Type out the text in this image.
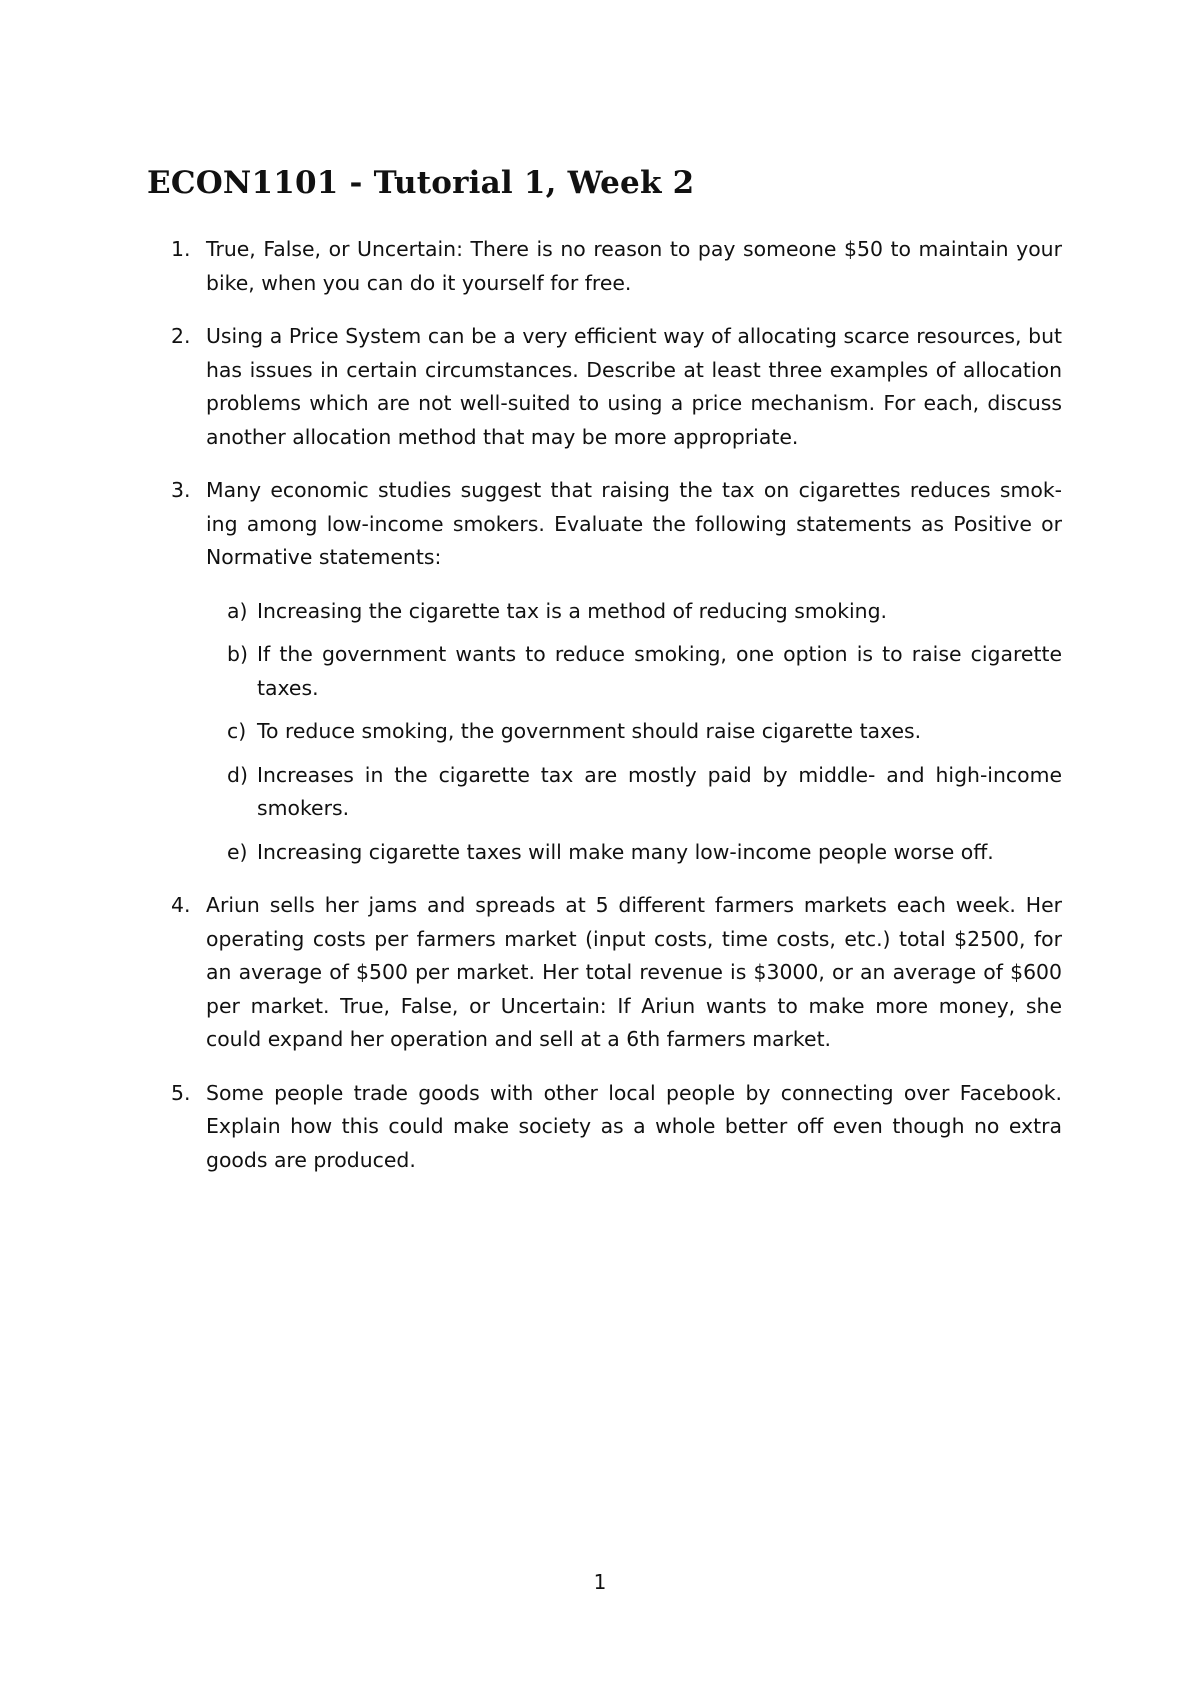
ECON1101 - Tutorial 1, Week 2
1. True, False, or Uncertain: There is no reason to pay someone $50 to maintain your bike, when you can do it yourself for free.
2. Using a Price System can be a very efficient way of allocating scarce resources, but has issues in certain circumstances. Describe at least three examples of allocation problems which are not well-suited to using a price mechanism. For each, discuss another allocation method that may be more appropriate.
3. Many economic studies suggest that raising the tax on cigarettes reduces smok-ing among low-income smokers. Evaluate the following statements as Positive or Normative statements:
a) Increasing the cigarette tax is a method of reducing smoking.
b) If the government wants to reduce smoking, one option is to raise cigarette taxes.
c) To reduce smoking, the government should raise cigarette taxes.
d) Increases in the cigarette tax are mostly paid by middle- and high-income smokers.
e) Increasing cigarette taxes will make many low-income people worse off.
4. Ariun sells her jams and spreads at 5 different farmers markets each week. Her operating costs per farmers market (input costs, time costs, etc.) total $2500, for an average of $500 per market. Her total revenue is $3000, or an average of $600 per market. True, False, or Uncertain: If Ariun wants to make more money, she could expand her operation and sell at a 6th farmers market.
5. Some people trade goods with other local people by connecting over Facebook. Explain how this could make society as a whole better off even though no extra goods are produced.
1
